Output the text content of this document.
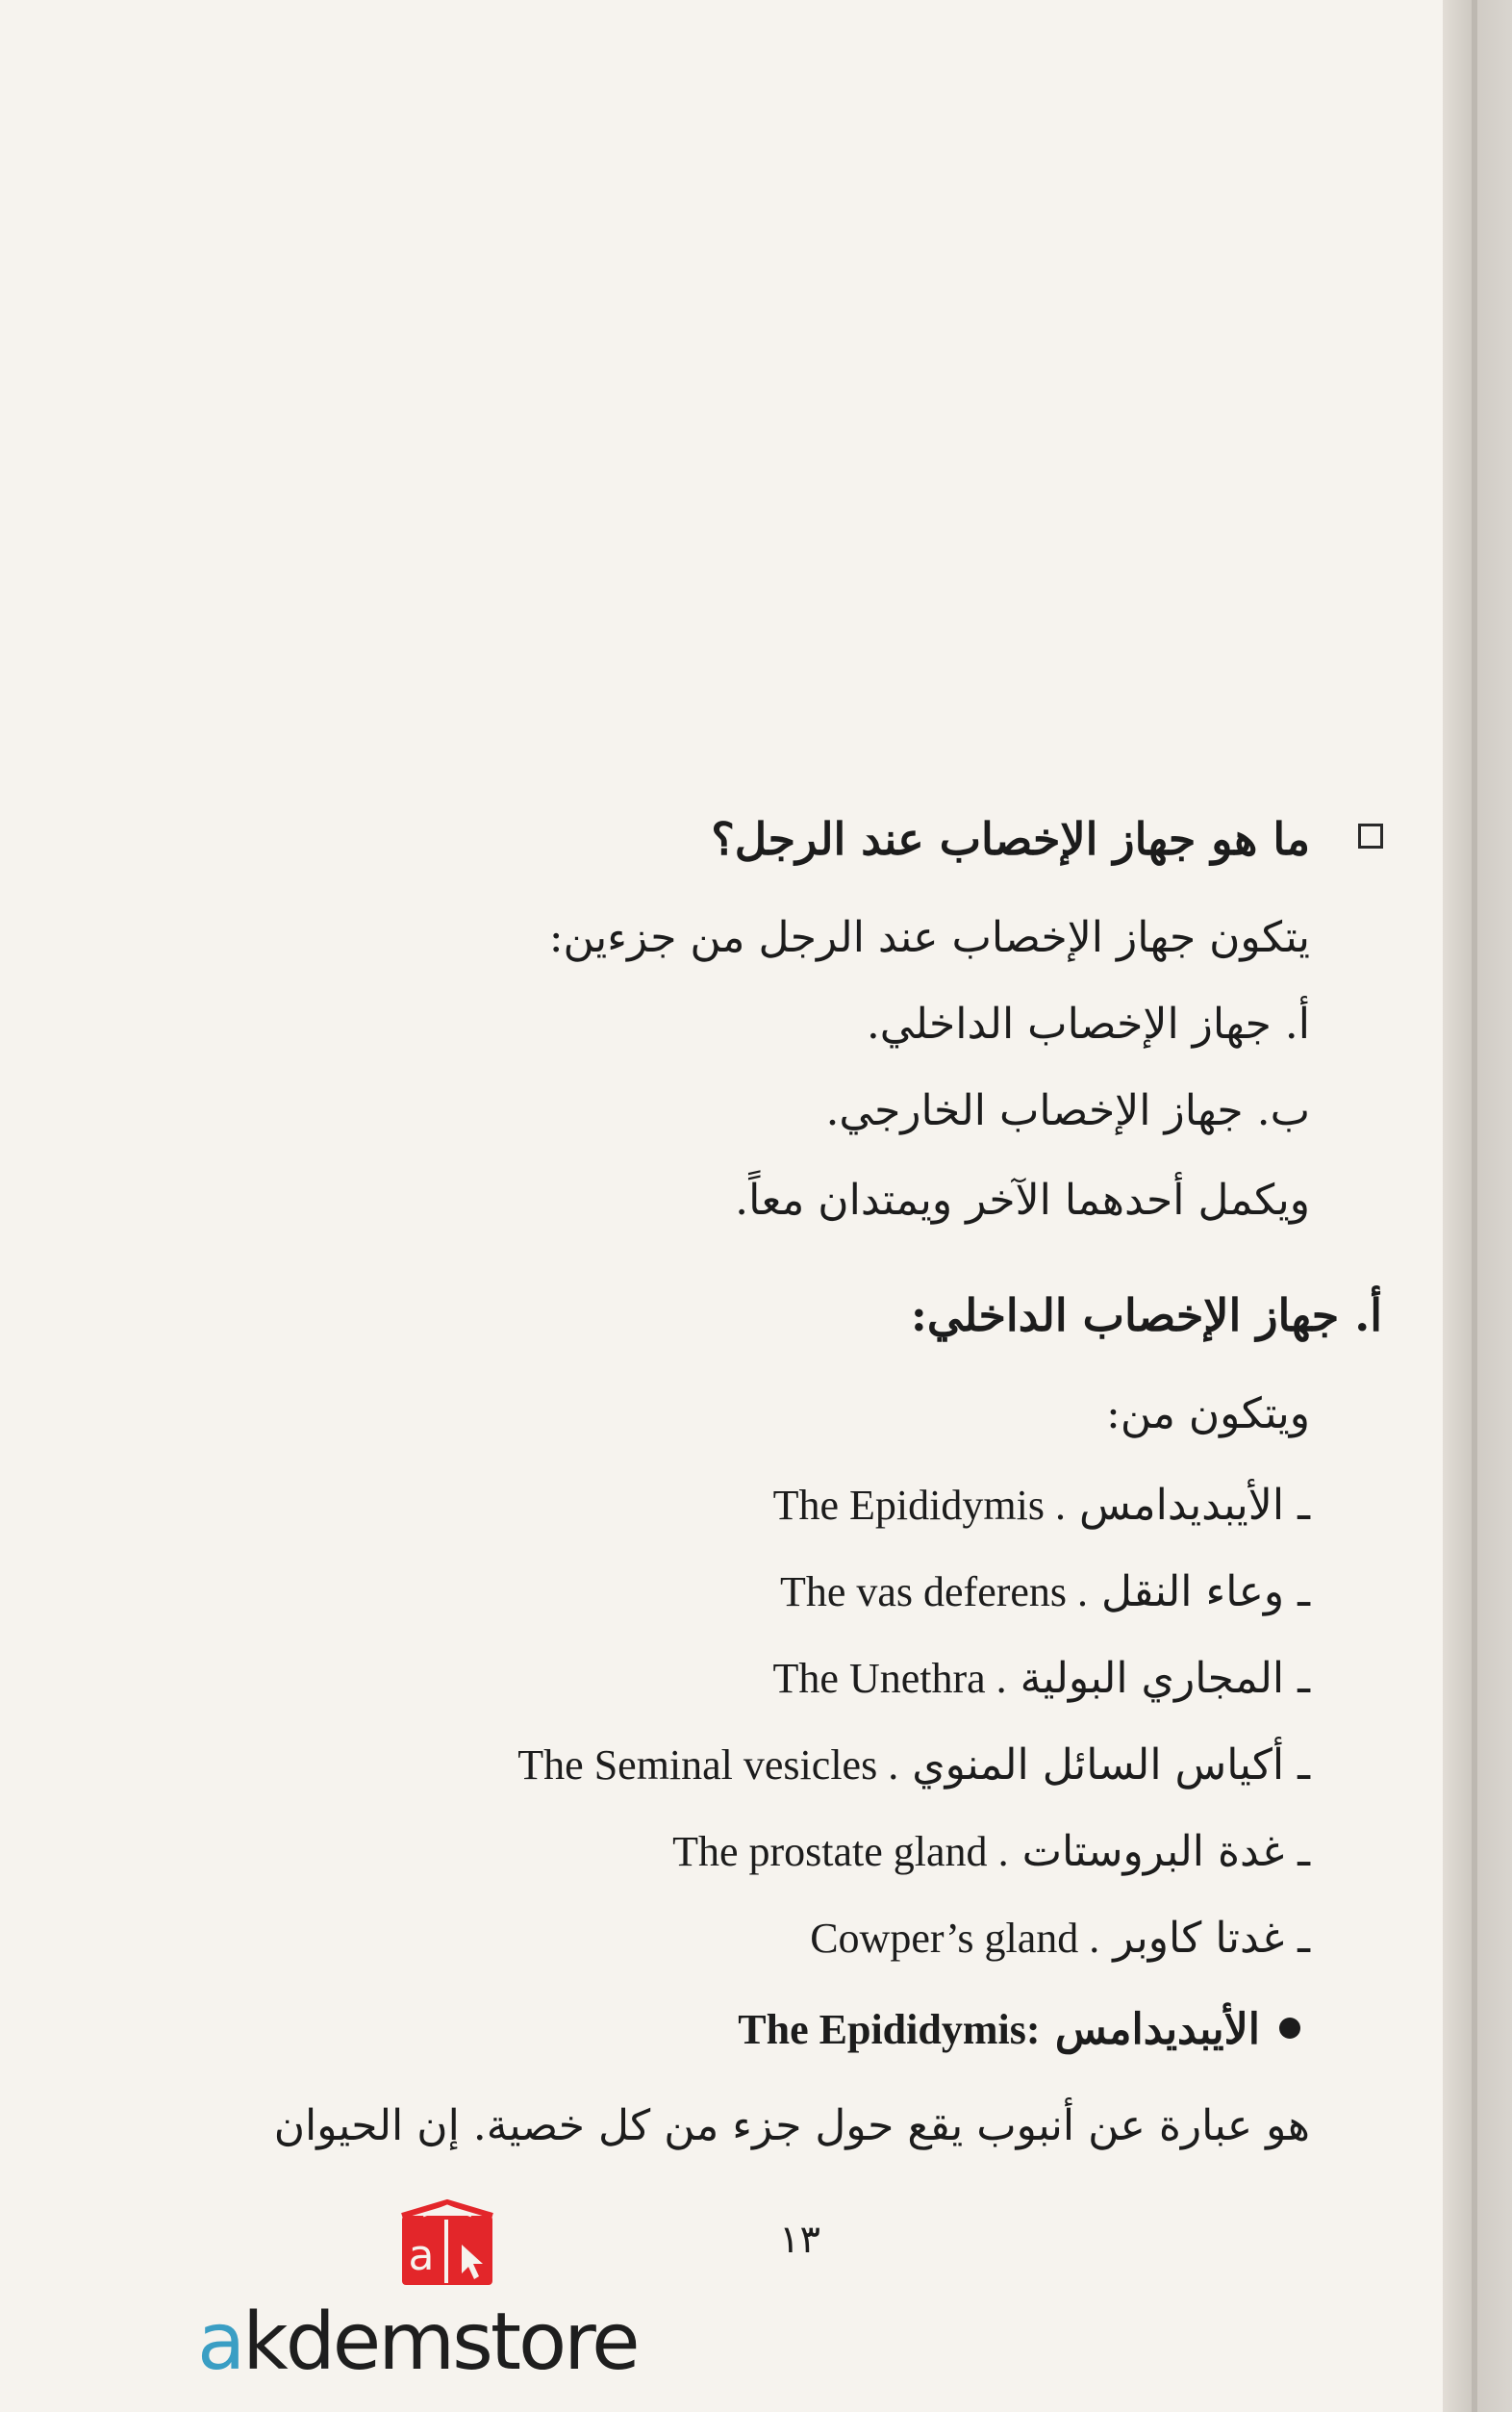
ما هو جهاز الإخصاب عند الرجل؟
يتكون جهاز الإخصاب عند الرجل من جزءين:
أ. جهاز الإخصاب الداخلي.
ب. جهاز الإخصاب الخارجي.
ويكمل أحدهما الآخر ويمتدان معاً.
أ. جهاز الإخصاب الداخلي:
ويتكون من:
ـ الأيبديدامس The Epididymis .
ـ وعاء النقل The vas deferens .
ـ المجاري البولية The Unethra .
ـ أكياس السائل المنوي The Seminal vesicles .
ـ غدة البروستات The prostate gland .
ـ غدتا كاوبر Cowper’s gland .
الأيبديدامس The Epididymis:
هو عبارة عن أنبوب يقع حول جزء من كل خصية. إن الحيوان
١٣
a
akdemstore
